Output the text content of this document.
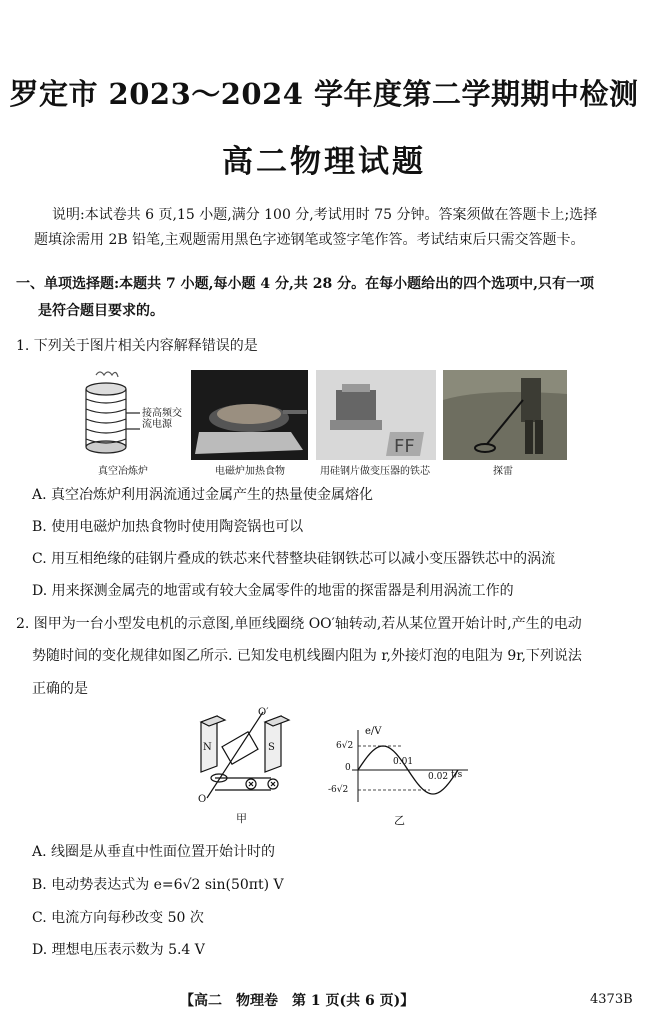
罗定市 2023～2024 学年度第二学期期中检测
高二物理试题
说明:本试卷共 6 页,15 小题,满分 100 分,考试用时 75 分钟。答案须做在答题卡上;选择
题填涂需用 2B 铅笔,主观题需用黑色字迹钢笔或签字笔作答。考试结束后只需交答题卡。
一、单项选择题:本题共 7 小题,每小题 4 分,共 28 分。在每小题给出的四个选项中,只有一项
是符合题目要求的。
1. 下列关于图片相关内容解释错误的是
接高频交流电源
真空冶炼炉	电磁炉加热食物
FF
用硅钢片做变压器的铁芯	探雷
A. 真空冶炼炉利用涡流通过金属产生的热量使金属熔化
B. 使用电磁炉加热食物时使用陶瓷锅也可以
C. 用互相绝缘的硅钢片叠成的铁芯来代替整块硅钢铁芯可以减小变压器铁芯中的涡流
D. 用来探测金属壳的地雷或有较大金属零件的地雷的探雷器是利用涡流工作的
2. 图甲为一台小型发电机的示意图,单匝线圈绕 OO′轴转动,若从某位置开始计时,产生的电动
势随时间的变化规律如图乙所示. 已知发电机线圈内阻为 r,外接灯泡的电阻为 9r,下列说法
正确的是
O′
O
N	S
甲
e/V
6√2
0
-6√2
0.01
0.02 t/s
乙
A. 线圈是从垂直中性面位置开始计时的
B. 电动势表达式为 e=6√2 sin(50πt) V
C. 电流方向每秒改变 50 次
D. 理想电压表示数为 5.4 V
【高二　物理卷　第 1 页(共 6 页)】	4373B
